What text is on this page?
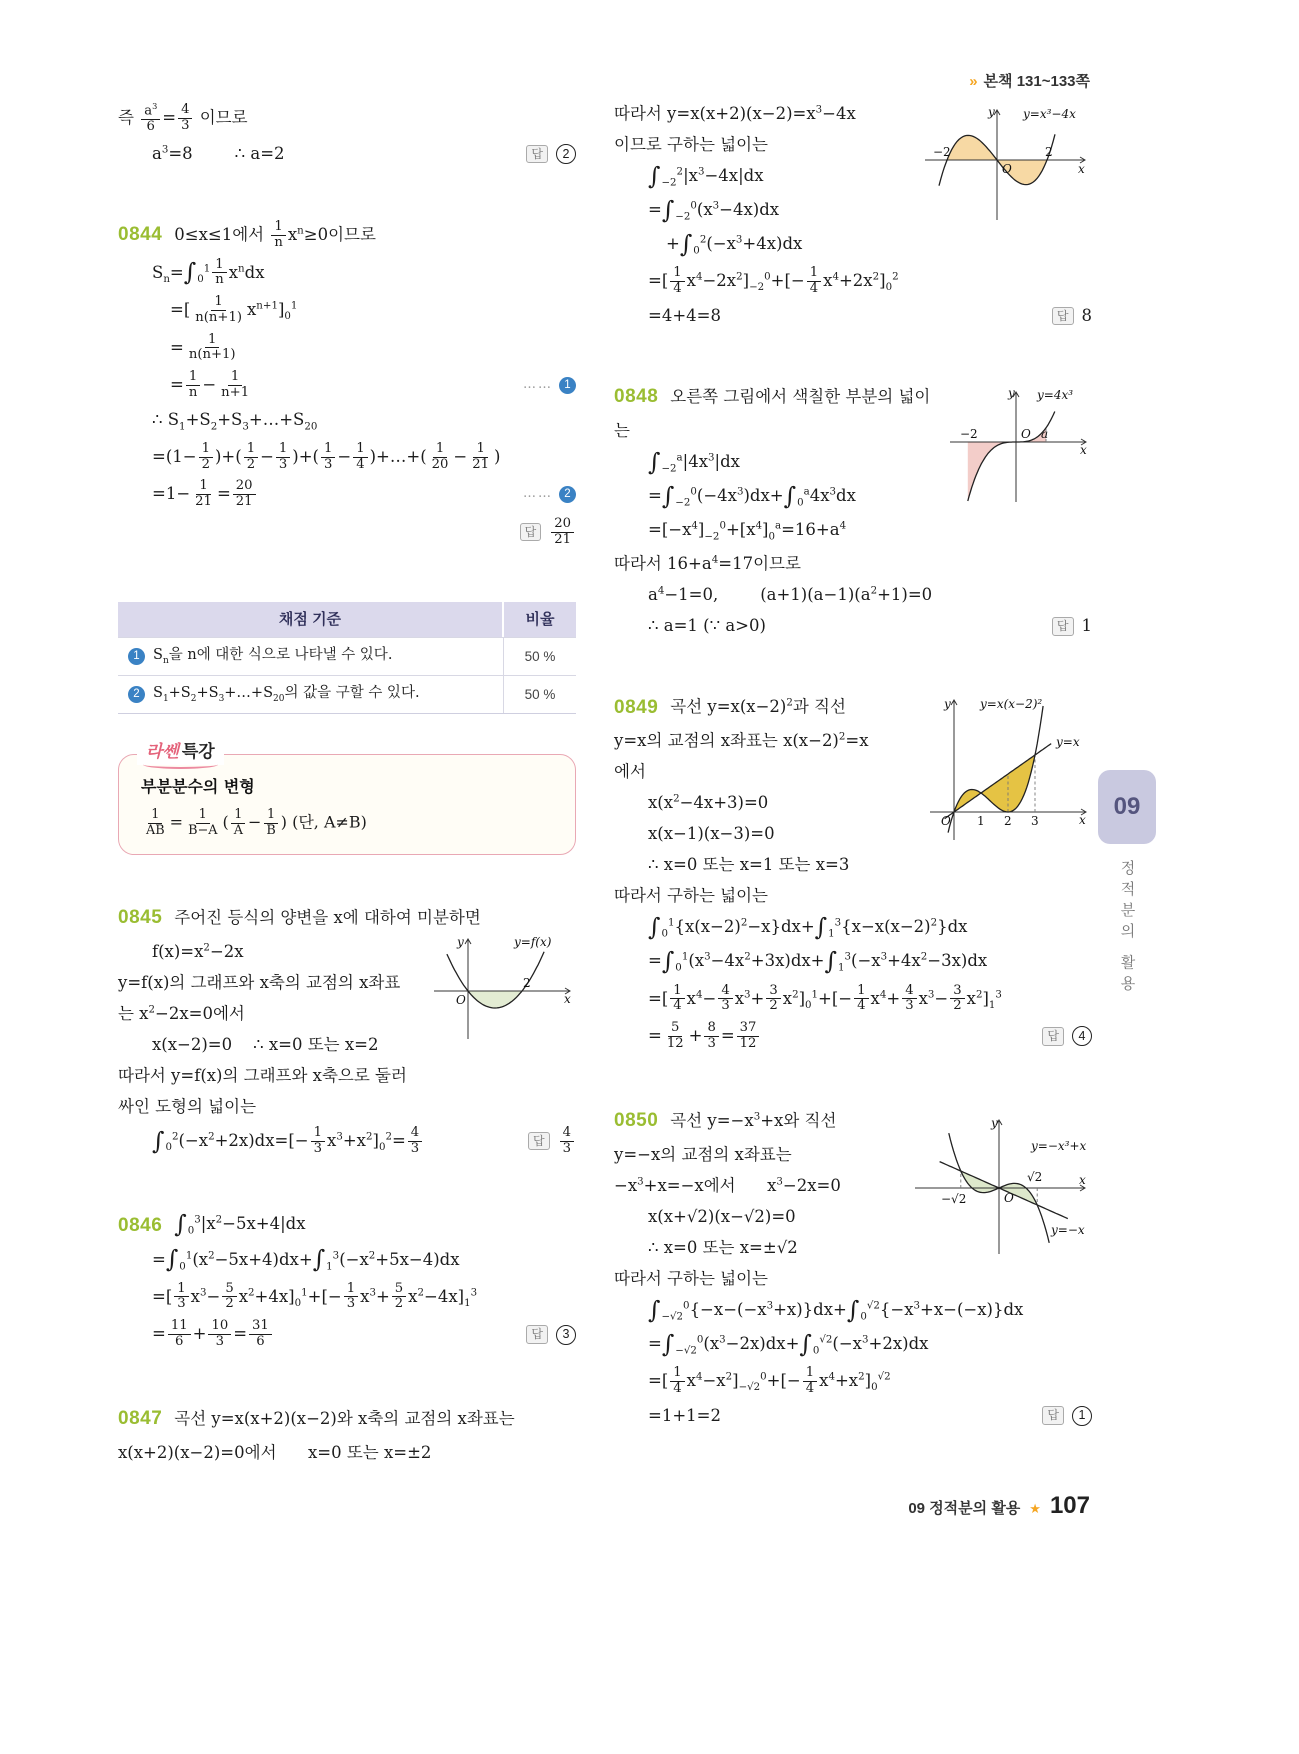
» 본책 131~133쪽
즉 $\frac{a^3}{6} = \frac{4}{3}$ 이므로
$a^3=8$        ∴ a=2	답	2
0844 0≤x≤1에서 $\frac{1}{n} x^n\ge 0$이므로
$S_n=\int_0^1 \frac{1}{n} x^ndx$
=[ $\frac{1}{n(n+1)} x^{n+1}]_0^1$
= $\frac{1}{n(n+1)}$
= $\frac{1}{n} - \frac{1}{n+1}$	…… 1
∴ $S_1+S_2+S_3+\dots+S_{20}$
$=(1- \frac{1}{2}$ )+( $\frac{1}{2} - \frac{1}{3}$ )+( $\frac{1}{3} - \frac{1}{4}$ )+…+( $\frac{1}{20} - \frac{1}{21}$ )
$=1- \frac{1}{21} = \frac{20}{21}$	…… 2
답
20
21
채점 기준	비율
1 $S_n$을 n에 대한 식으로 나타낼 수 있다.	50 %
2 $S_1+S_2+S_3+\dots+S_{20}$의 값을 구할 수 있다.	50 %
라쎈 특강
부분분수의 변형
$\frac{1}{AB} = \frac{1}{B-A}$ ( $\frac{1}{A} - \frac{1}{B}$ ) (단, A≠B)
y	y=f(x)
O
2
x
0845 주어진 등식의 양변을 x에 대하여 미분하면
$f(x)=x^2-2x$
y=f(x)의 그래프와 x축의 교점의 x좌표
는 $x^2-2x=0$에서
x(x−2)=0    ∴ x=0 또는 x=2
따라서 y=f(x)의 그래프와 x축으로 둘러
싸인 도형의 넓이는
$\int_0^2(-x^2+2x)dx=[- \frac{1}{3} x^3+x^2]_0^2= \frac{4}{3}$	답
4
3
0846 $\int_0^3|x^2-5x+4|dx$
$=\int_0^1(x^2-5x+4)dx+\int_1^3(-x^2+5x-4)dx$
=[ $\frac{1}{3} x^3- \frac{5}{2} x^2+4x]_0^1+[- \frac{1}{3} x^3+ \frac{5}{2} x^2-4x]_1^3$
= $\frac{11}{6} + \frac{10}{3} = \frac{31}{6}$	답	3
0847 곡선 y=x(x+2)(x−2)와 x축의 교점의 x좌표는
x(x+2)(x−2)=0에서      x=0 또는 x=±2
y y=x³−4x
−2
O
2
x
따라서 $y=x(x+2)(x-2)=x^3-4x$
이므로 구하는 넓이는
$\int_{-2}^2|x^3-4x|dx$
$=\int_{-2}^0(x^3-4x)dx$
$+\int_0^2(-x^3+4x)dx$
=[ $\frac{1}{4} x^4-2x^2]_{-2}^0+[- \frac{1}{4} x^4+2x^2]_0^2$
=4+4=8	답 8
y y=4x³
−2	O a
x
0848 오른쪽 그림에서 색칠한 부분의 넓이
는
$\int_{-2}^a|4x^3|dx$
$=\int_{-2}^0(-4x^3)dx+\int_0^a4x^3dx$
$=[-x^4]_{-2}^0+[x^4]_0^a=16+a^4$
따라서 $16+a^4=17$이므로
$a^4-1=0$,        $(a+1)(a-1)(a^2+1)=0$
∴ a=1 (∵ a>0)	답 1
y=x(x−2)²
y
y=x
O 1 2 3	x
0849 곡선 $y=x(x-2)^2$과 직선
y=x의 교점의 x좌표는 $x(x-2)^2=x$
에서
$x(x^2-4x+3)=0$
x(x−1)(x−3)=0
∴ x=0 또는 x=1 또는 x=3
따라서 구하는 넓이는
$\int_0^1\{x(x-2)^2-x\}dx+\int_1^3\{x-x(x-2)^2\}dx$
$=\int_0^1(x^3-4x^2+3x)dx+\int_1^3(-x^3+4x^2-3x)dx$
=[ $\frac{1}{4} x^4- \frac{4}{3} x^3+ \frac{3}{2} x^2]_0^1+[- \frac{1}{4} x^4+ \frac{4}{3} x^3- \frac{3}{2} x^2]_1^3$
= $\frac{5}{12} + \frac{8}{3} = \frac{37}{12}$	답	4
y
y=−x³+x
y=−x
O
−√2
√2	x
0850 곡선 $y=-x^3+x$와 직선
y=−x의 교점의 x좌표는
$-x^3+x=-x$에서      $x^3-2x=0$
x(x+√2)(x−√2)=0
∴ x=0 또는 x=±√2
따라서 구하는 넓이는
$\int_{-√2}^0\{-x-(-x^3+x)\}dx+\int_0^{√2}\{-x^3+x-(-x)\}dx$
$=\int_{-√2}^0(x^3-2x)dx+\int_0^{√2}(-x^3+2x)dx$
=[ $\frac{1}{4} x^4-x^2]_{-√2}^0+[- \frac{1}{4} x^4+x^2]_0^{√2}$
=1+1=2	답	1
09
정적분의 활용
09 정적분의 활용 ★ 107
